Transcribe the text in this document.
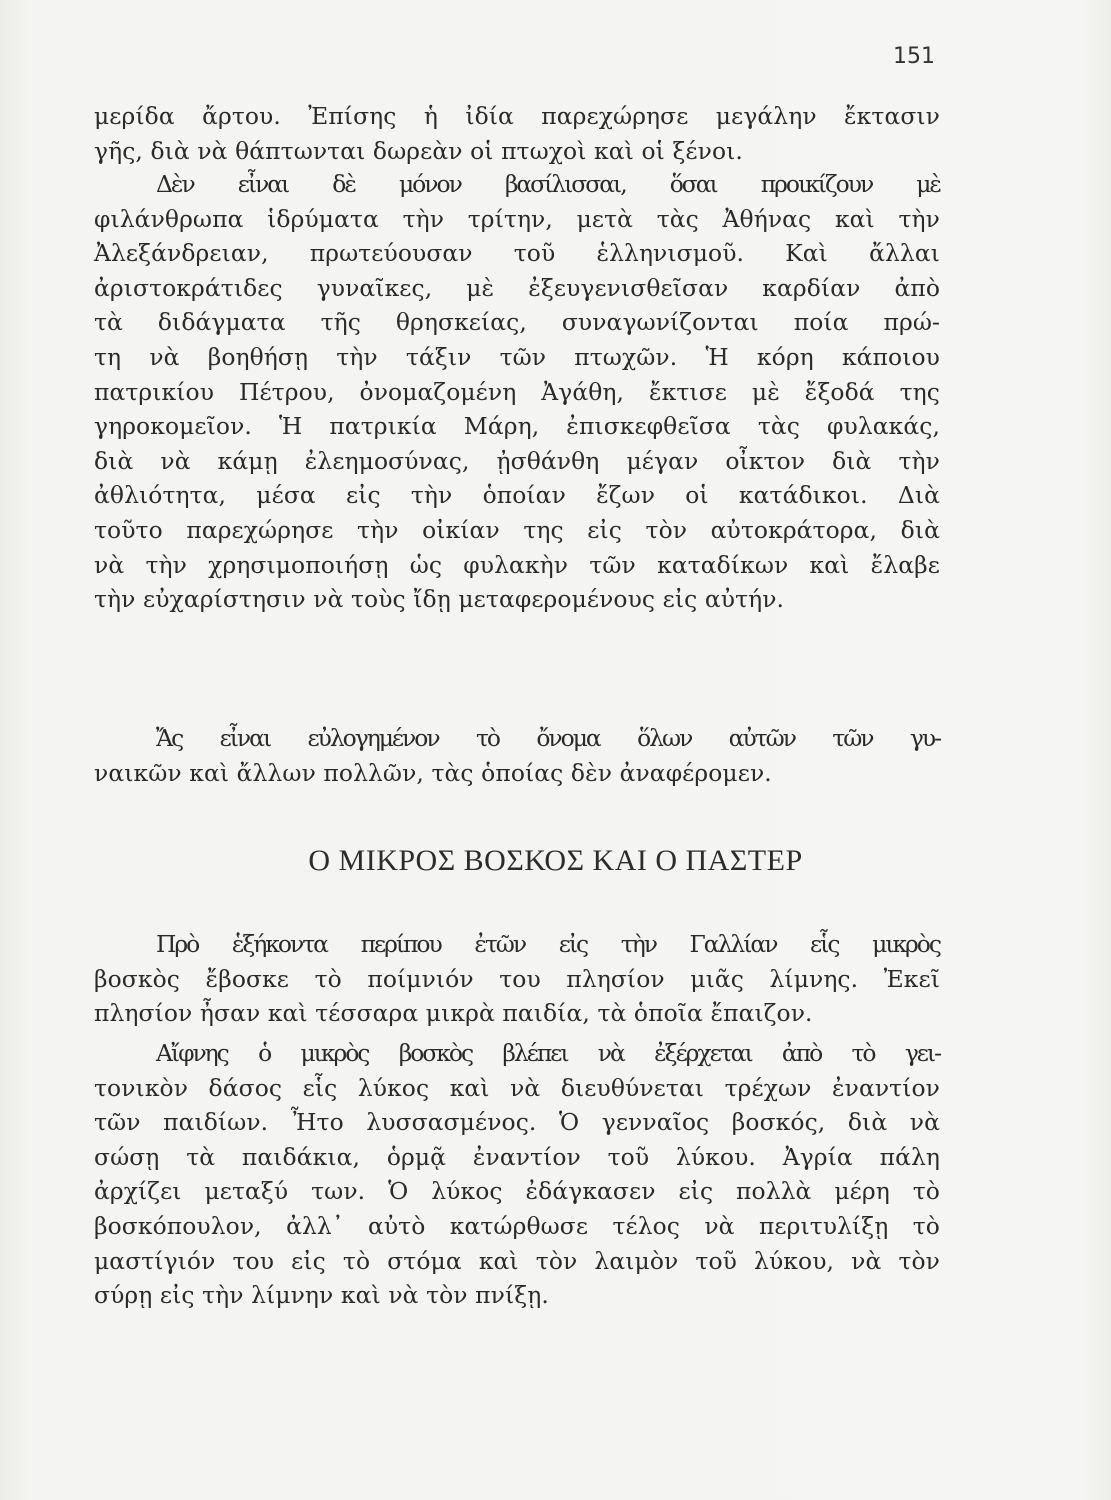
151

μερίδα ἄρτου. Ἐπίσης ἡ ἰδία παρεχώρησε μεγάλην ἔκτασιν

γῆς, διὰ νὰ θάπτωνται δωρεὰν οἱ πτωχοὶ καὶ οἱ ξένοι.

Δὲν εἶναι δὲ μόνον βασίλισσαι, ὅσαι προικίζουν μὲ

φιλάνθρωπα ἱδρύματα τὴν τρίτην, μετὰ τὰς Ἀθήνας καὶ τὴν

Ἀλεξάνδρειαν, πρωτεύουσαν τοῦ ἑλληνισμοῦ. Καὶ ἄλλαι

ἀριστοκράτιδες γυναῖκες, μὲ ἐξευγενισθεῖσαν καρδίαν ἀπὸ

τὰ διδάγματα τῆς θρησκείας, συναγωνίζονται ποία πρώ-

τη νὰ βοηθήσῃ τὴν τάξιν τῶν πτωχῶν. Ἡ κόρη κάποιου

πατρικίου Πέτρου, ὀνομαζομένη Ἀγάθη, ἔκτισε μὲ ἔξοδά της

γηροκομεῖον. Ἡ πατρικία Μάρη, ἐπισκεφθεῖσα τὰς φυλακάς,

διὰ νὰ κάμῃ ἐλεημοσύνας, ᾐσθάνθη μέγαν οἶκτον διὰ τὴν

ἀθλιότητα, μέσα εἰς τὴν ὁποίαν ἔζων οἱ κατάδικοι. Διὰ

τοῦτο παρεχώρησε τὴν οἰκίαν της εἰς τὸν αὐτοκράτορα, διὰ

νὰ τὴν χρησιμοποιήσῃ ὡς φυλακὴν τῶν καταδίκων καὶ ἔλαβε

τὴν εὐχαρίστησιν νὰ τοὺς ἴδῃ μεταφερομένους εἰς αὐτήν.

Ἄς εἶναι εὐλογημένον τὸ ὄνομα ὅλων αὐτῶν τῶν γυ-

ναικῶν καὶ ἄλλων πολλῶν, τὰς ὁποίας δὲν ἀναφέρομεν.

Ο ΜΙΚΡΟΣ ΒΟΣΚΟΣ ΚΑΙ Ο ΠΑΣΤΕΡ

Πρὸ ἑξήκοντα περίπου ἐτῶν εἰς τὴν Γαλλίαν εἷς μικρὸς

βοσκὸς ἔβοσκε τὸ ποίμνιόν του πλησίον μιᾶς λίμνης. Ἐκεῖ

πλησίον ἦσαν καὶ τέσσαρα μικρὰ παιδία, τὰ ὁποῖα ἔπαιζον.

Αἴφνης ὁ μικρὸς βοσκὸς βλέπει νὰ ἐξέρχεται ἀπὸ τὸ γει-

τονικὸν δάσος εἷς λύκος καὶ νὰ διευθύνεται τρέχων ἐναντίον

τῶν παιδίων. Ἦτο λυσσασμένος. Ὁ γενναῖος βοσκός, διὰ νὰ

σώσῃ τὰ παιδάκια, ὁρμᾷ ἐναντίον τοῦ λύκου. Ἀγρία πάλη

ἀρχίζει μεταξύ των. Ὁ λύκος ἐδάγκασεν εἰς πολλὰ μέρη τὸ

βοσκόπουλον, ἀλλ᾽ αὐτὸ κατώρθωσε τέλος νὰ περιτυλίξῃ τὸ

μαστίγιόν του εἰς τὸ στόμα καὶ τὸν λαιμὸν τοῦ λύκου, νὰ τὸν

σύρῃ εἰς τὴν λίμνην καὶ νὰ τὸν πνίξῃ.
